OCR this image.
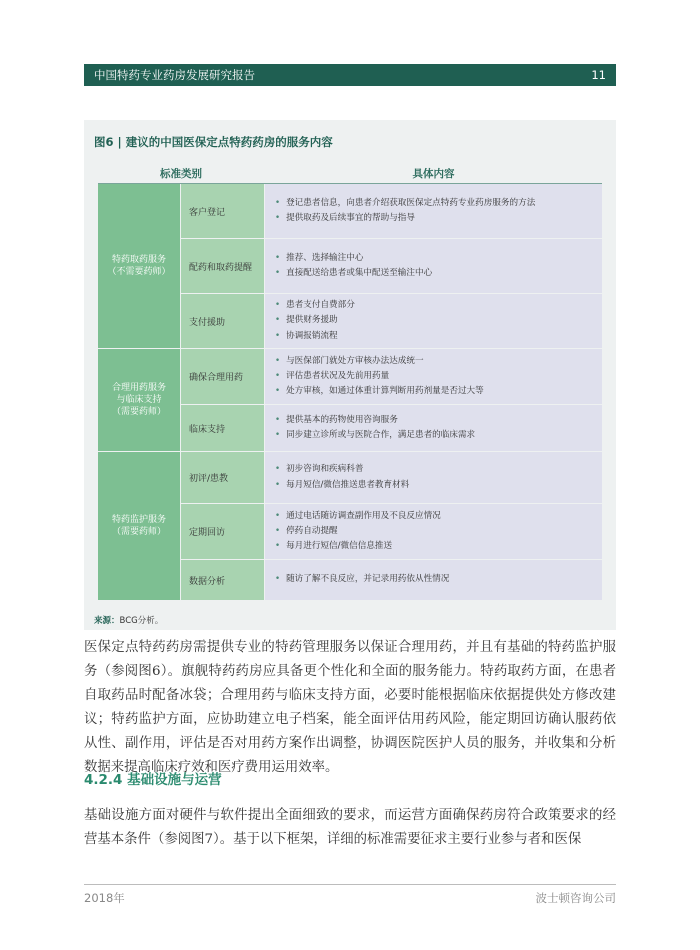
中国特药专业药房发展研究报告	11
图6 | 建议的中国医保定点特药药房的服务内容
标准类别	具体内容
特药取药服务
（不需要药师）
合理用药服务
与临床支持
（需要药师）
特药监护服务
（需要药师）
客户登记
• 登记患者信息，向患者介绍获取医保定点特药专业药房服务的方法
• 提供取药及后续事宜的帮助与指导
配药和取药提醒
• 推荐、选择输注中心
• 直接配送给患者或集中配送至输注中心
支付援助
• 患者支付自费部分
• 提供财务援助
• 协调报销流程
确保合理用药
• 与医保部门就处方审核办法达成统一
• 评估患者状况及先前用药量
• 处方审核，如通过体重计算判断用药剂量是否过大等
临床支持
• 提供基本的药物使用咨询服务
• 同步建立诊所或与医院合作，满足患者的临床需求
初评/患教
• 初步咨询和疾病科普
• 每月短信/微信推送患者教育材料
定期回访
• 通过电话随访调查副作用及不良反应情况
• 停药自动提醒
• 每月进行短信/微信信息推送
数据分析
•	随访了解不良反应，并记录用药依从性情况
来源：BCG分析。

医保定点特药药房需提供专业的特药管理服务以保证合理用药，并且有基础的特药监护服务（参阅图6）。旗舰特药药房应具备更个性化和全面的服务能力。特药取药方面，在患者自取药品时配备冰袋；合理用药与临床支持方面，必要时能根据临床依据提供处方修改建议；特药监护方面，应协助建立电子档案，能全面评估用药风险，能定期回访确认服药依从性、副作用，评估是否对用药方案作出调整，协调医院医护人员的服务，并收集和分析数据来提高临床疗效和医疗费用运用效率。

4.2.4 基础设施与运营

基础设施方面对硬件与软件提出全面细致的要求，而运营方面确保药房符合政策要求的经营基本条件（参阅图7）。基于以下框架，详细的标准需要征求主要行业参与者和医保

2018年	波士顿咨询公司
